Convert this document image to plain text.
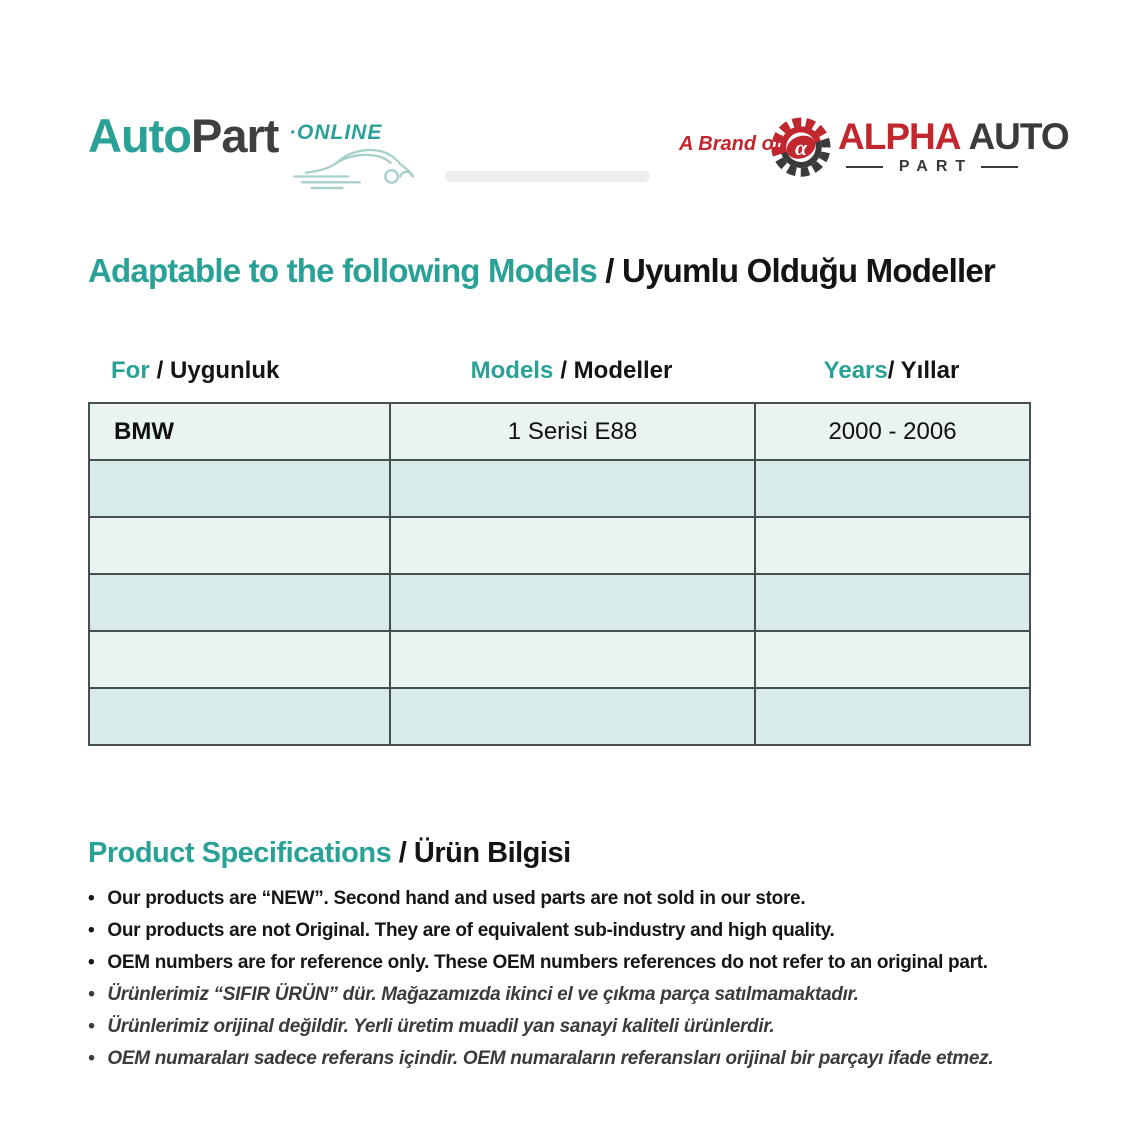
AutoPart ·ONLINE	A Brand of α ALPHA AUTO
PART
Adaptable to the following Models / Uyumlu Olduğu Modeller
For / Uygunluk	Models / Modeller	Years/ Yıllar
BMW	1 Serisi E88	2000 - 2006

Product Specifications / Ürün Bilgisi
• Our products are “NEW”. Second hand and used parts are not sold in our store.
• Our products are not Original. They are of equivalent sub-industry and high quality.
• OEM numbers are for reference only. These OEM numbers references do not refer to an original part.
• Ürünlerimiz “SIFIR ÜRÜN” dür. Mağazamızda ikinci el ve çıkma parça satılmamaktadır.
• Ürünlerimiz orijinal değildir. Yerli üretim muadil yan sanayi kaliteli ürünlerdir.
• OEM numaraları sadece referans içindir. OEM numaraların referansları orijinal bir parçayı ifade etmez.
